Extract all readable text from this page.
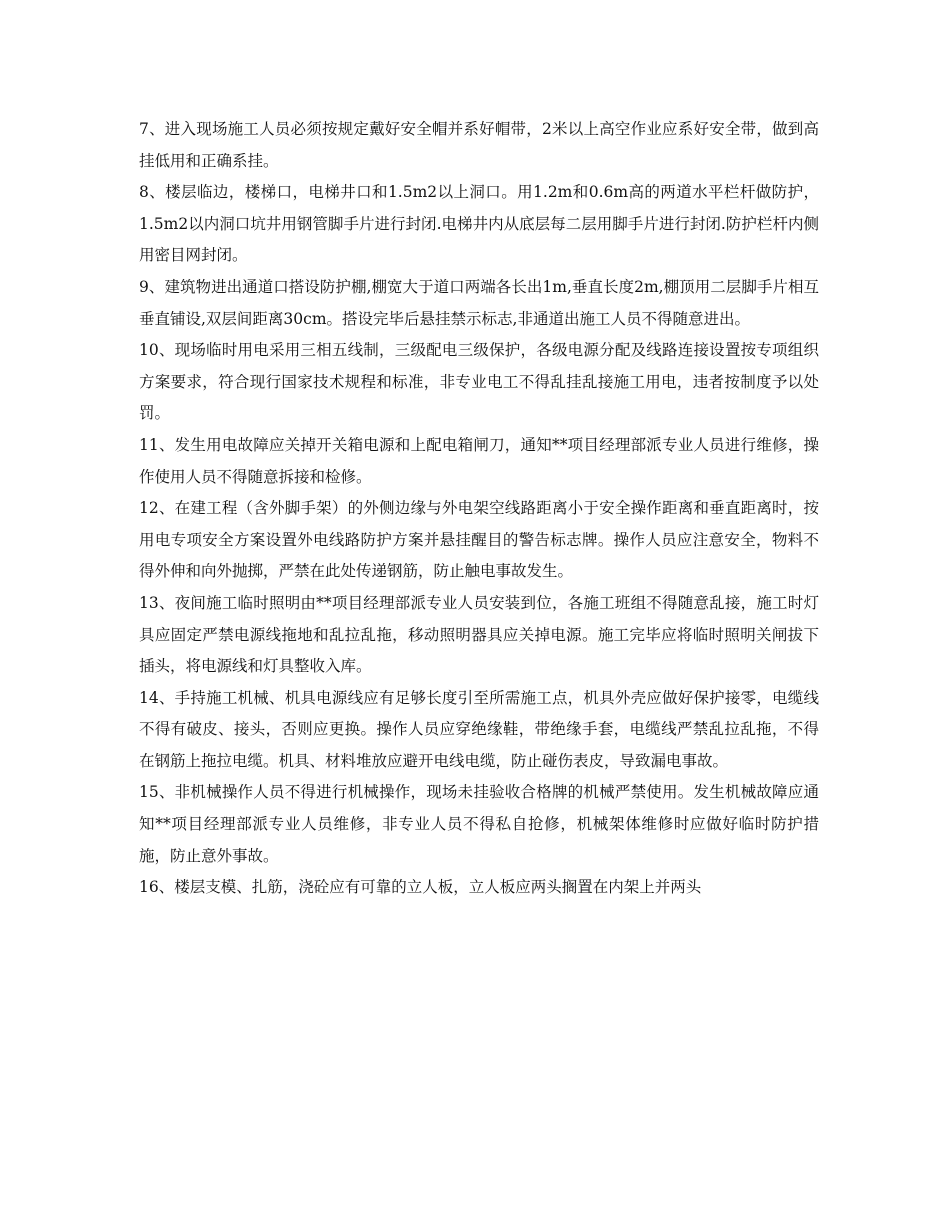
7、进入现场施工人员必须按规定戴好安全帽并系好帽带，2米以上高空作业应系好安全带，做到高挂低用和正确系挂。

8、楼层临边，楼梯口，电梯井口和1.5m2以上洞口。用1.2m和0.6m高的两道水平栏杆做防护，1.5m2以内洞口坑井用钢管脚手片进行封闭.电梯井内从底层每二层用脚手片进行封闭.防护栏杆内侧用密目网封闭。

9、建筑物进出通道口搭设防护棚,棚宽大于道口两端各长出1m,垂直长度2m,棚顶用二层脚手片相互垂直铺设,双层间距离30cm。搭设完毕后悬挂禁示标志,非通道出施工人员不得随意进出。

10、现场临时用电采用三相五线制，三级配电三级保护，各级电源分配及线路连接设置按专项组织方案要求，符合现行国家技术规程和标准，非专业电工不得乱挂乱接施工用电，违者按制度予以处罚。

11、发生用电故障应关掉开关箱电源和上配电箱闸刀，通知**项目经理部派专业人员进行维修，操作使用人员不得随意拆接和检修。

12、在建工程（含外脚手架）的外侧边缘与外电架空线路距离小于安全操作距离和垂直距离时，按用电专项安全方案设置外电线路防护方案并悬挂醒目的警告标志牌。操作人员应注意安全，物料不得外伸和向外抛掷，严禁在此处传递钢筋，防止触电事故发生。

13、夜间施工临时照明由**项目经理部派专业人员安装到位，各施工班组不得随意乱接，施工时灯具应固定严禁电源线拖地和乱拉乱拖，移动照明器具应关掉电源。施工完毕应将临时照明关闸拔下插头，将电源线和灯具整收入库。

14、手持施工机械、机具电源线应有足够长度引至所需施工点，机具外壳应做好保护接零，电缆线不得有破皮、接头，否则应更换。操作人员应穿绝缘鞋，带绝缘手套，电缆线严禁乱拉乱拖，不得在钢筋上拖拉电缆。机具、材料堆放应避开电线电缆，防止碰伤表皮，导致漏电事故。

15、非机械操作人员不得进行机械操作，现场未挂验收合格牌的机械严禁使用。发生机械故障应通知**项目经理部派专业人员维修，非专业人员不得私自抢修，机械架体维修时应做好临时防护措施，防止意外事故。

16、楼层支模、扎筋，浇砼应有可靠的立人板，立人板应两头搁置在内架上并两头
